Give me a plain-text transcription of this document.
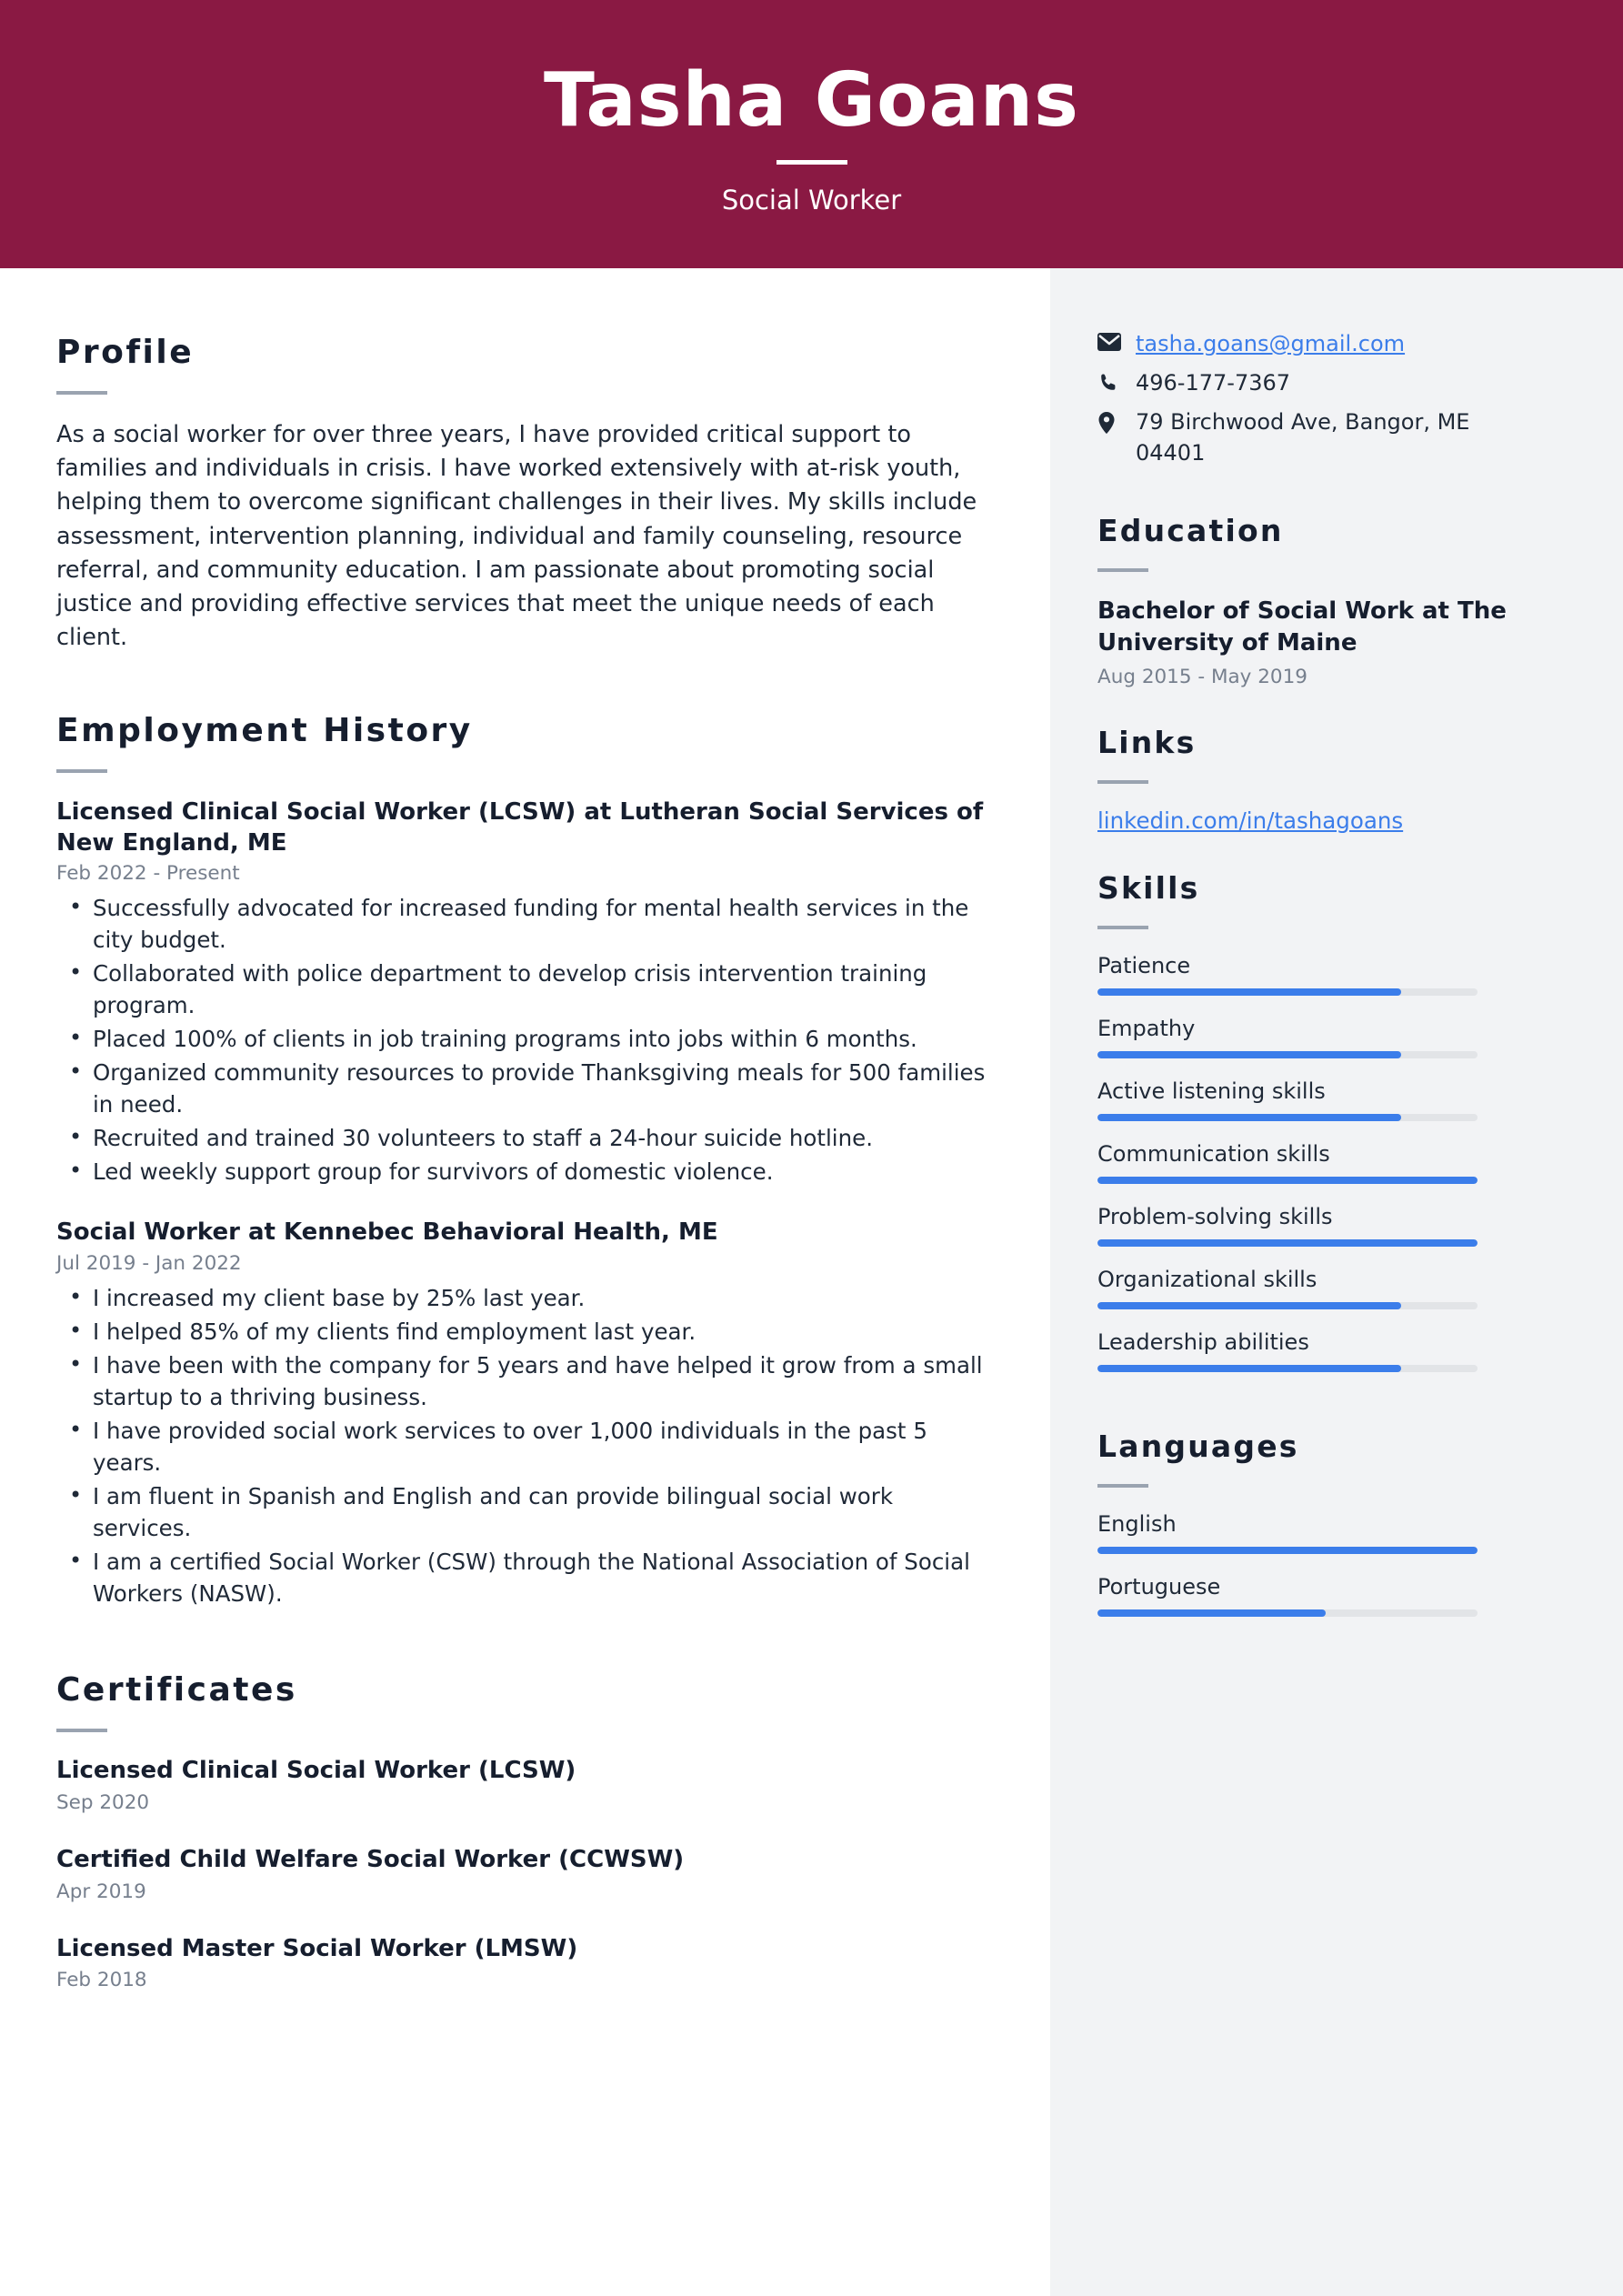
Tasha Goans
Social Worker
Profile
As a social worker for over three years, I have provided critical support to families and individuals in crisis. I have worked extensively with at-risk youth, helping them to overcome significant challenges in their lives. My skills include assessment, intervention planning, individual and family counseling, resource referral, and community education. I am passionate about promoting social justice and providing effective services that meet the unique needs of each client.
Employment History
Licensed Clinical Social Worker (LCSW) at Lutheran Social Services of New England, ME
Feb 2022 - Present
• Successfully advocated for increased funding for mental health services in the city budget.
• Collaborated with police department to develop crisis intervention training program.
• Placed 100% of clients in job training programs into jobs within 6 months.
• Organized community resources to provide Thanksgiving meals for 500 families in need.
• Recruited and trained 30 volunteers to staff a 24-hour suicide hotline.
• Led weekly support group for survivors of domestic violence.
Social Worker at Kennebec Behavioral Health, ME
Jul 2019 - Jan 2022
• I increased my client base by 25% last year.
• I helped 85% of my clients find employment last year.
• I have been with the company for 5 years and have helped it grow from a small startup to a thriving business.
• I have provided social work services to over 1,000 individuals in the past 5 years.
• I am fluent in Spanish and English and can provide bilingual social work services.
• I am a certified Social Worker (CSW) through the National Association of Social Workers (NASW).
Certificates
Licensed Clinical Social Worker (LCSW)
Sep 2020
Certified Child Welfare Social Worker (CCWSW)
Apr 2019
Licensed Master Social Worker (LMSW)
Feb 2018
tasha.goans@gmail.com
496-177-7367
79 Birchwood Ave, Bangor, ME 04401
Education
Bachelor of Social Work at The University of Maine
Aug 2015 - May 2019
Links
linkedin.com/in/tashagoans
Skills
Patience
Empathy
Active listening skills
Communication skills
Problem-solving skills
Organizational skills
Leadership abilities
Languages
English
Portuguese
